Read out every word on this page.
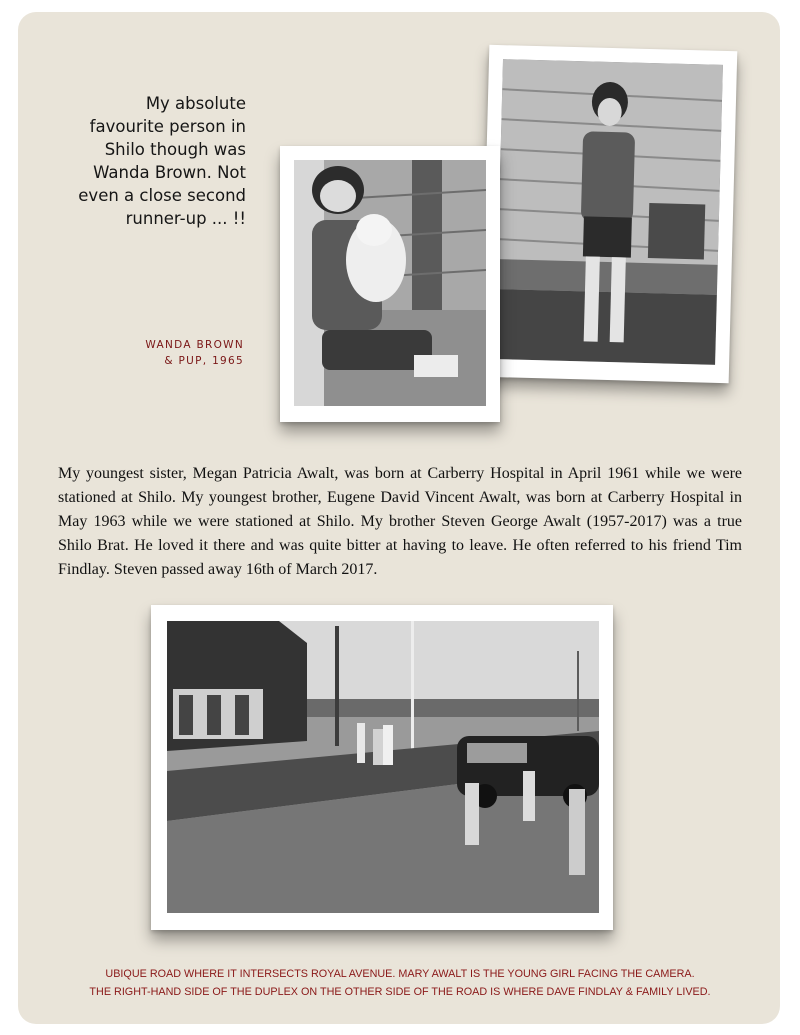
My absolute
favourite person in
Shilo though was
Wanda Brown. Not
even a close second
runner-up ... !!
WANDA BROWN
& PUP, 1965

My youngest sister, Megan Patricia Awalt, was born at Carberry Hospital in April 1961 while we were stationed at Shilo. My youngest brother, Eugene David Vincent Awalt, was born at Carberry Hospital in May 1963 while we were stationed at Shilo. My brother Steven George Awalt (1957-2017) was a true Shilo Brat. He loved it there and was quite bitter at having to leave. He often referred to his friend Tim Findlay. Steven passed away 16th of March 2017.

UBIQUE ROAD WHERE IT INTERSECTS ROYAL AVENUE. MARY AWALT IS THE YOUNG GIRL FACING THE CAMERA.
THE RIGHT-HAND SIDE OF THE DUPLEX ON THE OTHER SIDE OF THE ROAD IS WHERE DAVE FINDLAY & FAMILY LIVED.
